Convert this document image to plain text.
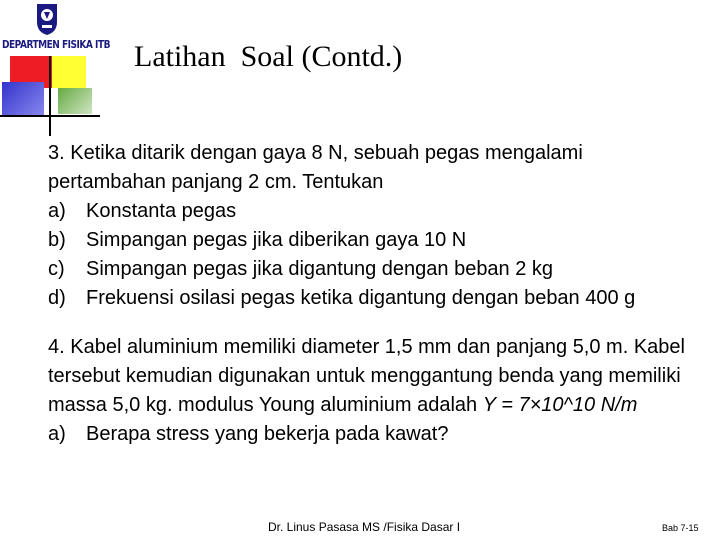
DEPARTMEN FISIKA ITB Latihan  Soal (Contd.)

3. Ketika ditarik dengan gaya 8 N, sebuah pegas mengalami pertambahan panjang 2 cm. Tentukan

a) Konstanta pegas
b) Simpangan pegas jika diberikan gaya 10 N
c) Simpangan pegas jika digantung dengan beban 2 kg
d) Frekuensi osilasi pegas ketika digantung dengan beban 400 g

4. Kabel aluminium memiliki diameter 1,5 mm dan panjang 5,0 m. Kabel tersebut kemudian digunakan untuk menggantung benda yang memiliki massa 5,0 kg. modulus Young aluminium adalah Y = 7×10^10 N/m

a) Berapa stress yang bekerja pada kawat?
Dr. Linus Pasasa MS /Fisika Dasar I	Bab 7-15
